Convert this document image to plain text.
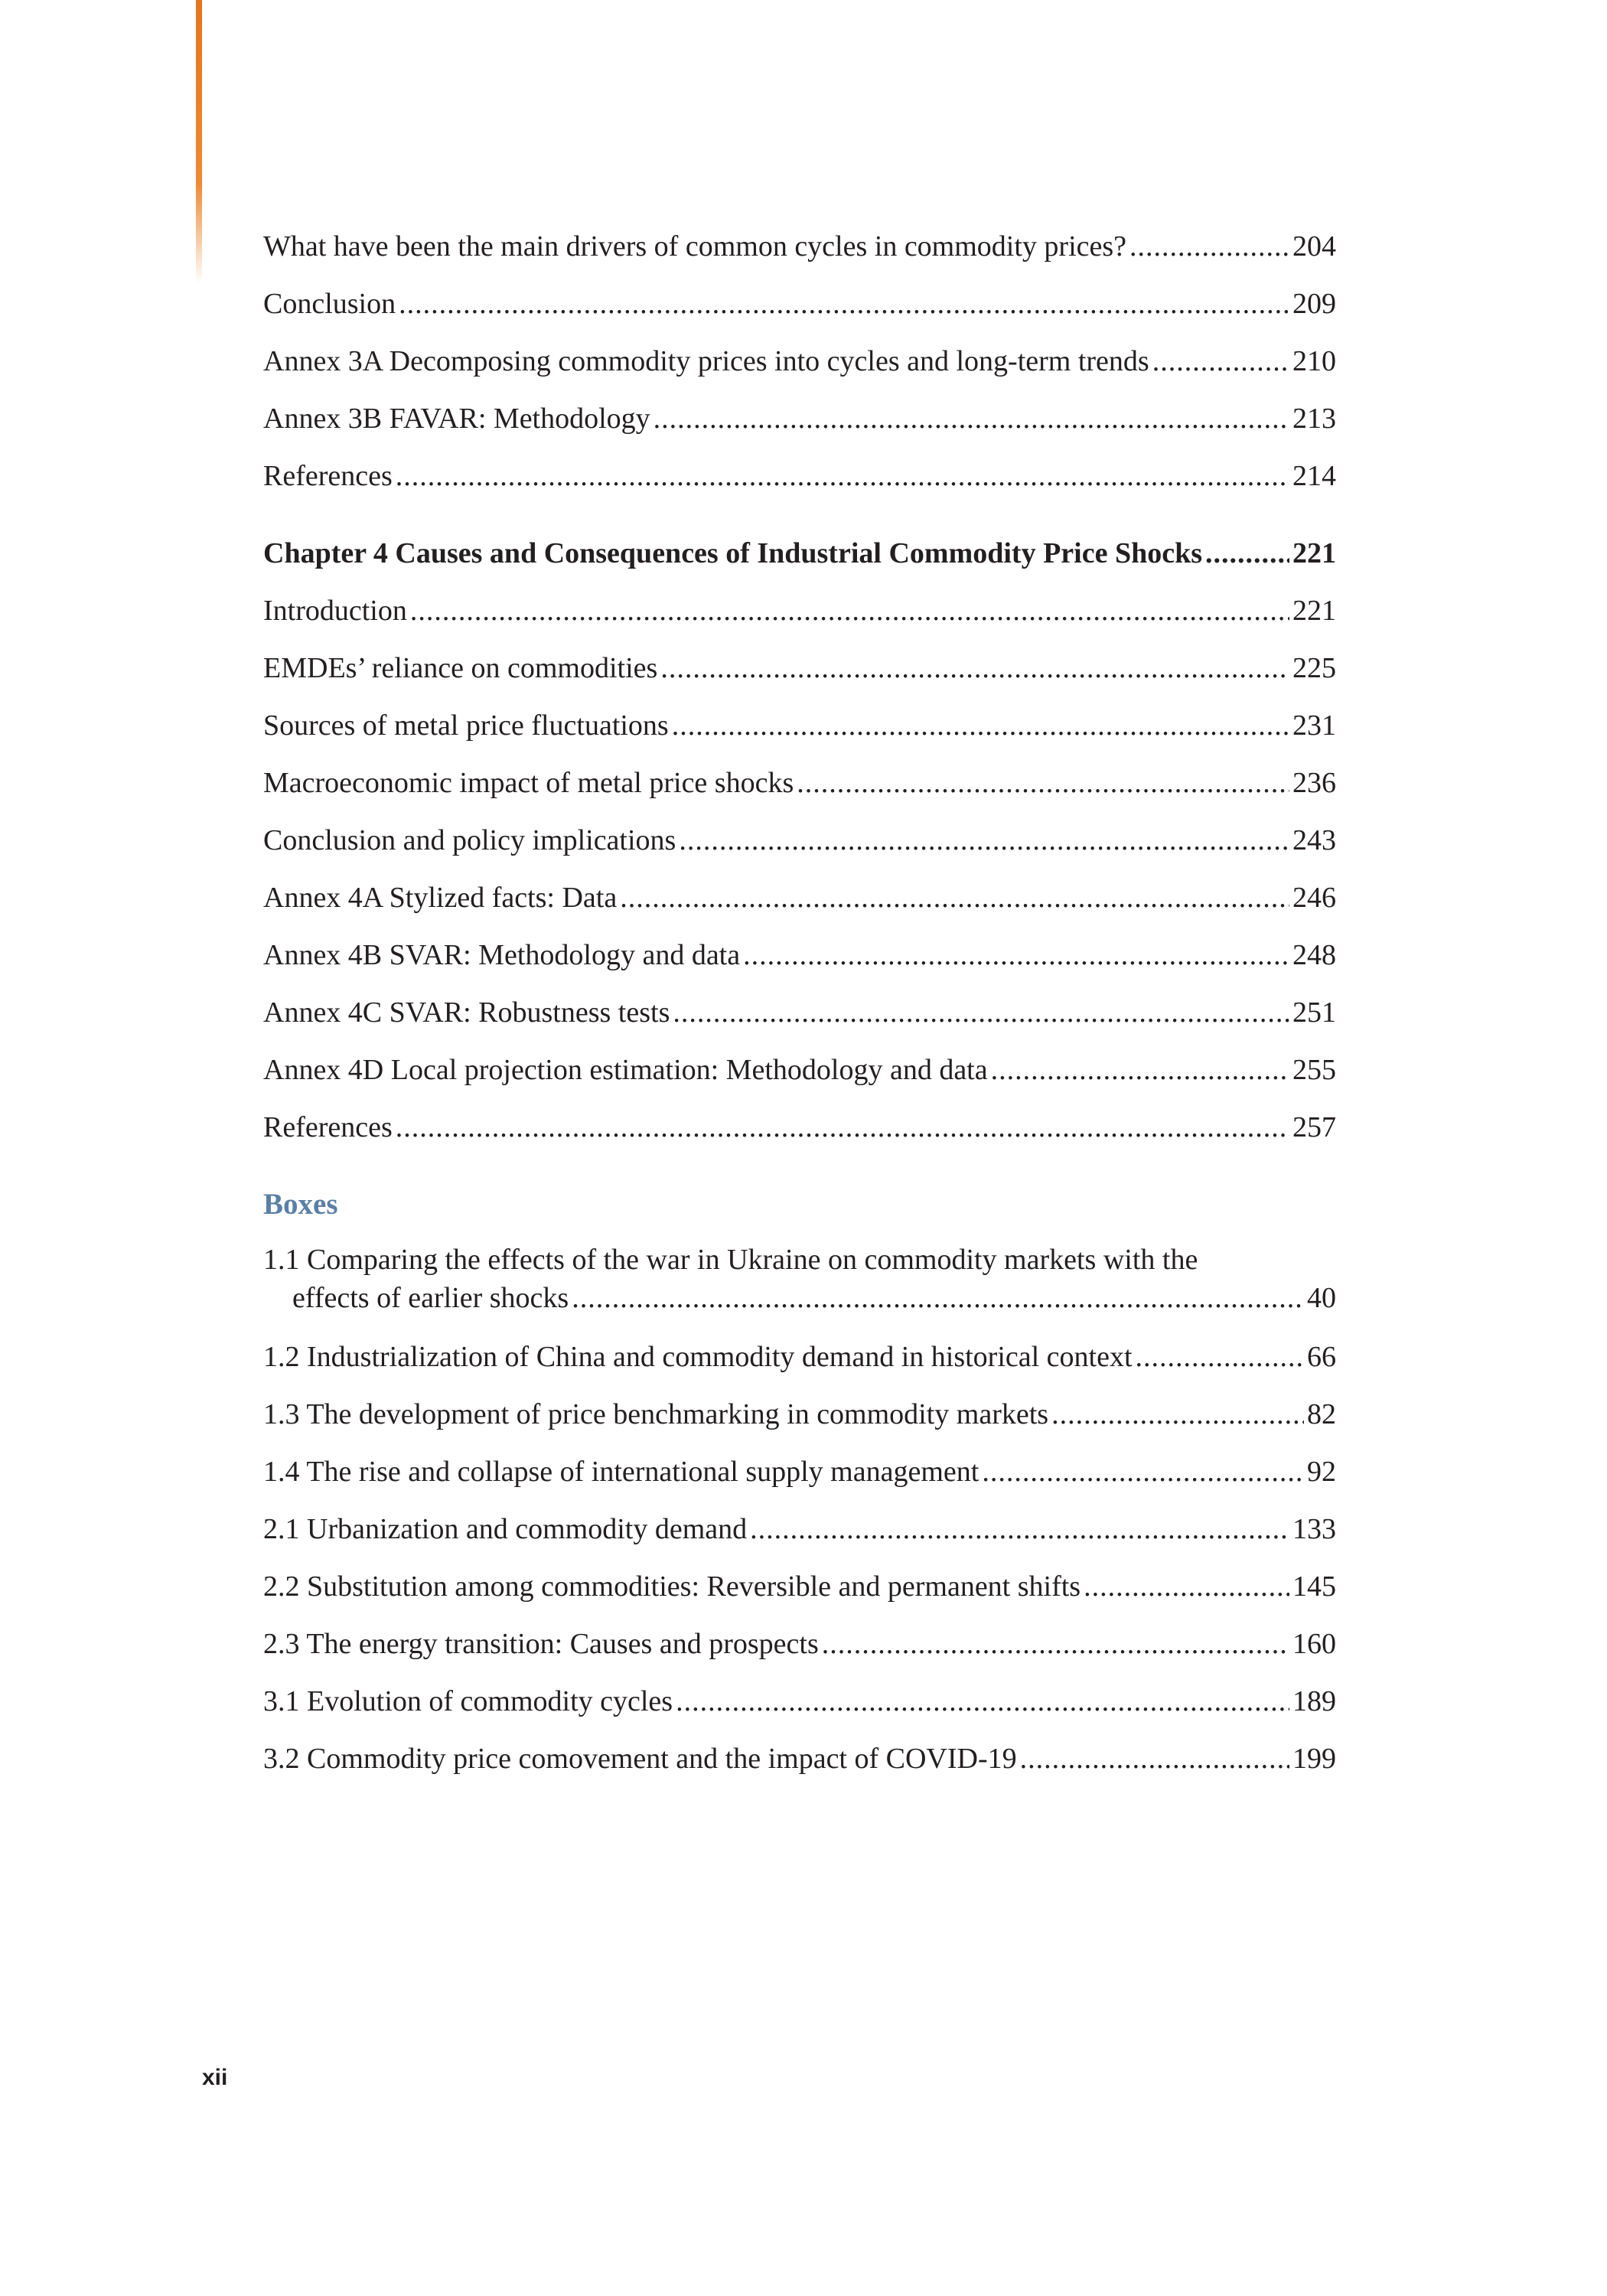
What have been the main drivers of common cycles in commodity prices? .....	204
Conclusion .....	209
Annex 3A Decomposing commodity prices into cycles and long-term trends .....	210
Annex 3B FAVAR: Methodology .....	213
References .....	214
Chapter 4 Causes and Consequences of Industrial Commodity Price Shocks .....	221
Introduction .....	221
EMDEs’ reliance on commodities .....	225
Sources of metal price fluctuations .....	231
Macroeconomic impact of metal price shocks .....	236
Conclusion and policy implications .....	243
Annex 4A Stylized facts: Data .....	246
Annex 4B SVAR: Methodology and data .....	248
Annex 4C SVAR: Robustness tests .....	251
Annex 4D Local projection estimation: Methodology and data .....	255
References .....	257
Boxes
1.1 Comparing the effects of the war in Ukraine on commodity markets with the
effects of earlier shocks .....	40
1.2 Industrialization of China and commodity demand in historical context .....	66
1.3 The development of price benchmarking in commodity markets .....	82
1.4 The rise and collapse of international supply management .....	92
2.1 Urbanization and commodity demand .....	133
2.2 Substitution among commodities: Reversible and permanent shifts .....	145
2.3 The energy transition: Causes and prospects .....	160
3.1 Evolution of commodity cycles .....	189
3.2 Commodity price comovement and the impact of COVID-19 .....	199
xii
